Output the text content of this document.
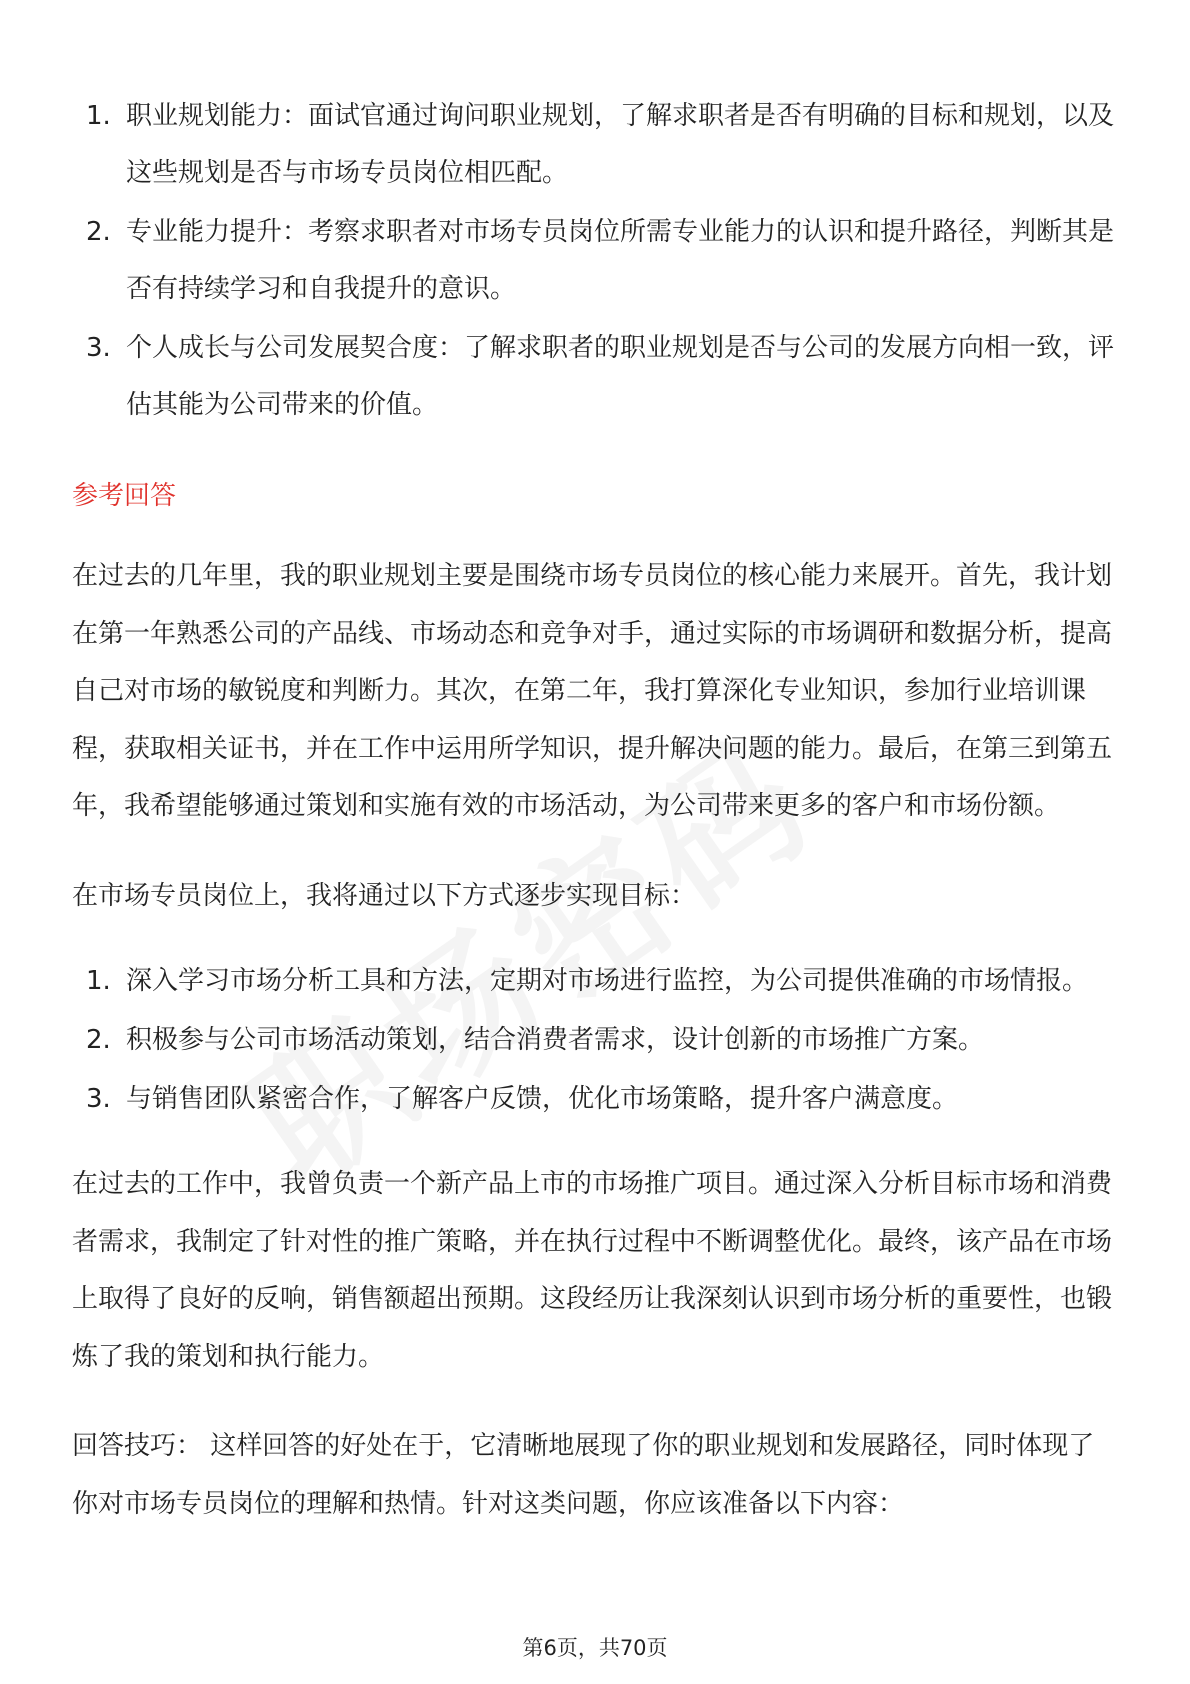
1. 职业规划能力：面试官通过询问职业规划，了解求职者是否有明确的目标和规划，以及这些规划是否与市场专员岗位相匹配。
2. 专业能力提升：考察求职者对市场专员岗位所需专业能力的认识和提升路径，判断其是否有持续学习和自我提升的意识。
3. 个人成长与公司发展契合度：了解求职者的职业规划是否与公司的发展方向相一致，评估其能为公司带来的价值。
参考回答

在过去的几年里，我的职业规划主要是围绕市场专员岗位的核心能力来展开。首先，我计划在第一年熟悉公司的产品线、市场动态和竞争对手，通过实际的市场调研和数据分析，提高自己对市场的敏锐度和判断力。其次，在第二年，我打算深化专业知识，参加行业培训课程，获取相关证书，并在工作中运用所学知识，提升解决问题的能力。最后，在第三到第五年，我希望能够通过策划和实施有效的市场活动，为公司带来更多的客户和市场份额。

在市场专员岗位上，我将通过以下方式逐步实现目标：

1. 深入学习市场分析工具和方法，定期对市场进行监控，为公司提供准确的市场情报。
2. 积极参与公司市场活动策划，结合消费者需求，设计创新的市场推广方案。
3. 与销售团队紧密合作，了解客户反馈，优化市场策略，提升客户满意度。

在过去的工作中，我曾负责一个新产品上市的市场推广项目。通过深入分析目标市场和消费者需求，我制定了针对性的推广策略，并在执行过程中不断调整优化。最终，该产品在市场上取得了良好的反响，销售额超出预期。这段经历让我深刻认识到市场分析的重要性，也锻炼了我的策划和执行能力。

回答技巧： 这样回答的好处在于，它清晰地展现了你的职业规划和发展路径，同时体现了你对市场专员岗位的理解和热情。针对这类问题，你应该准备以下内容：

第6页，共70页
